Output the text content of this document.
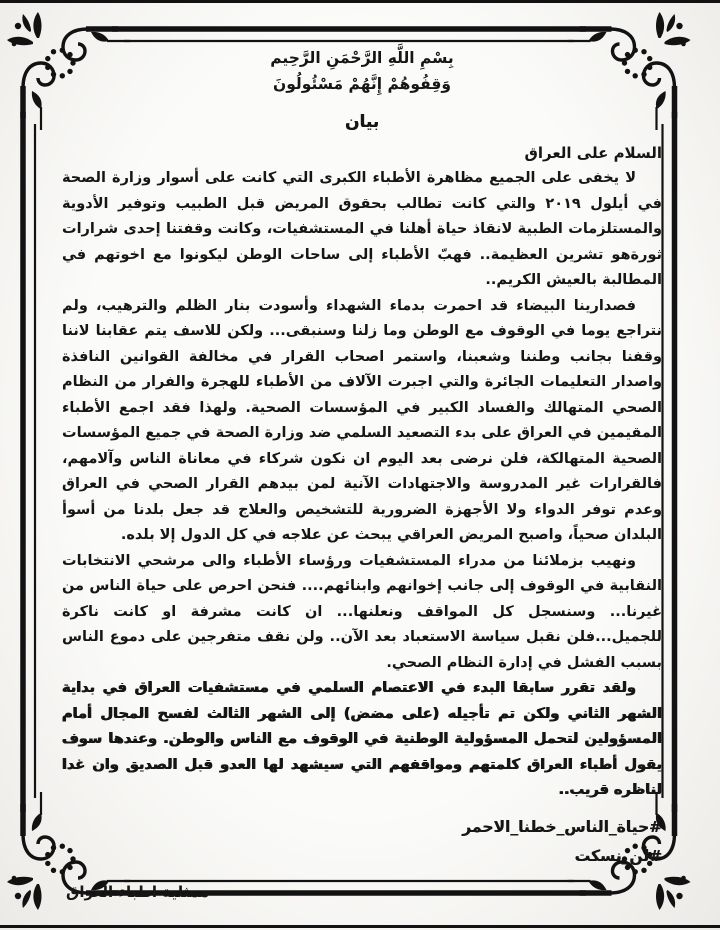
بِسْمِ اللَّهِ الرَّحْمَنِ الرَّحِيم
وَقِفُوهُمْ إِنَّهُمْ مَسْئُولُونَ
بيان
السلام على العراق

لا يخفى على الجميع مظاهرة الأطباء الكبرى التي كانت على أسوار وزارة الصحة في أيلول ٢٠١٩ والتي كانت تطالب بحقوق المريض قبل الطبيب وتوفير الأدوية والمستلزمات الطبية لانقاذ حياة أهلنا في المستشفيات، وكانت وقفتنا إحدى شرارات ثورةهو تشرين العظيمة.. فهبّ الأطباء إلى ساحات الوطن ليكونوا مع اخوتهم في المطالبة بالعيش الكريم..

فصدارينا البيضاء قد احمرت بدماء الشهداء وأسودت بنار الظلم والترهيب، ولم نتراجع يوما في الوقوف مع الوطن وما زلنا وسنبقى... ولكن للاسف يتم عقابنا لاننا وقفنا بجانب وطننا وشعبنا، واستمر اصحاب القرار في مخالفة القوانين النافذة واصدار التعليمات الجائرة والتي اجبرت الآلاف من الأطباء للهجرة والفرار من النظام الصحي المتهالك والفساد الكبير في المؤسسات الصحية. ولهذا فقد اجمع الأطباء المقيمين في العراق على بدء التصعيد السلمي ضد وزارة الصحة في جميع المؤسسات الصحية المتهالكة، فلن نرضى بعد اليوم ان نكون شركاء في معاناة الناس وآلامهم، فالقرارات غير المدروسة والاجتهادات الآنية لمن بيدهم القرار الصحي في العراق وعدم توفر الدواء ولا الأجهزة الضرورية للتشخيص والعلاج قد جعل بلدنا من أسوأ البلدان صحياً، واصبح المريض العراقي يبحث عن علاجه في كل الدول إلا بلده.

ونهيب بزملائنا من مدراء المستشفيات ورؤساء الأطباء والى مرشحي الانتخابات النقابية في الوقوف إلى جانب إخوانهم وابنائهم.... فنحن احرص على حياة الناس من غيرنا... وسنسجل كل المواقف ونعلنها... ان كانت مشرفة او كانت ناكرة للجميل...فلن نقبل سياسة الاستعباد بعد الآن.. ولن نقف متفرجين على دموع الناس بسبب الفشل في إدارة النظام الصحي.

ولقد تقرر سابقا البدء في الاعتصام السلمي في مستشفيات العراق في بداية الشهر الثاني ولكن تم تأجيله (على مضض) إلى الشهر الثالث لفسح المجال أمام المسؤولين لتحمل المسؤولية الوطنية في الوقوف مع الناس والوطن. وعندها سوف يقول أطباء العراق كلمتهم ومواقفهم التي سيشهد لها العدو قبل الصديق وان غدا لناظره قريب..

#حياة_الناس_خطنا_الاحمر
#لن_نسكت
ممثلية اطباء العراق
